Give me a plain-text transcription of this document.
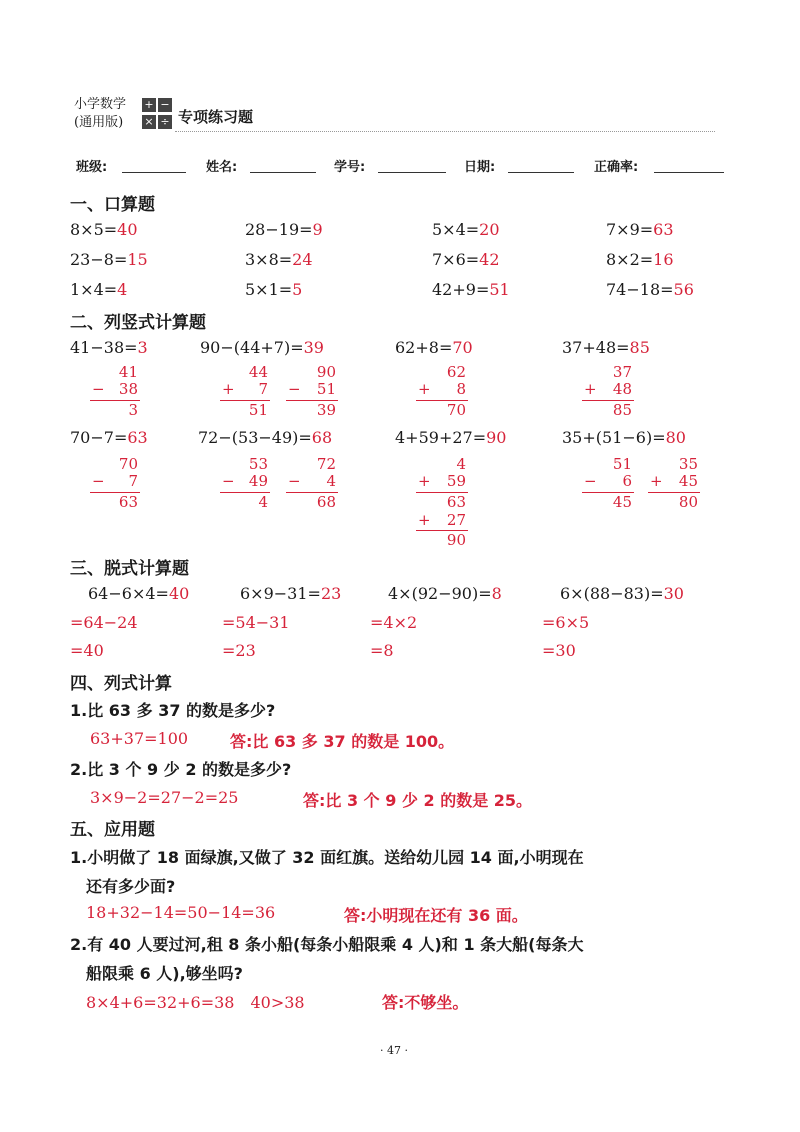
小学数学
(通用版)
+ −
× ÷ 专项练习题
班级:	姓名:	学号:	日期:	正确率:
一、口算题
8×5=40	28−19=9	5×4=20	7×9=63
23−8=15	3×8=24	7×6=42	8×2=16
1×4=4	5×1=5	42+9=51	74−18=56
二、列竖式计算题
41−38=3	90−(44+7)=39	62+8=70	37+48=85
41
− 38
3
44
+	7
51
90
−	51
39
62
+	8
70
37
+	48
85
70−7=63	72−(53−49)=68	4+59+27=90	35+(51−6)=80
70
−	7
63
53
− 49
4
72
−	4
68
4
+	59
63
+	27
90
51
−	6
45
35
+	45
80
三、脱式计算题
64−6×4=40	6×9−31=23	4×(92−90)=8	6×(88−83)=30
=64−24	=54−31	=4×2	=6×5
=40	=23	=8	=30
四、列式计算
1.比 63 多 37 的数是多少?
63+37=100	答:比 63 多 37 的数是 100。
2.比 3 个 9 少 2 的数是多少?
3×9−2=27−2=25	答:比 3 个 9 少 2 的数是 25。
五、应用题
1.小明做了 18 面绿旗,又做了 32 面红旗。送给幼儿园 14 面,小明现在
还有多少面?
18+32−14=50−14=36	答:小明现在还有 36 面。
2.有 40 人要过河,租 8 条小船(每条小船限乘 4 人)和 1 条大船(每条大
船限乘 6 人),够坐吗?
8×4+6=32+6=38　40>38	答:不够坐。
· 47 ·
